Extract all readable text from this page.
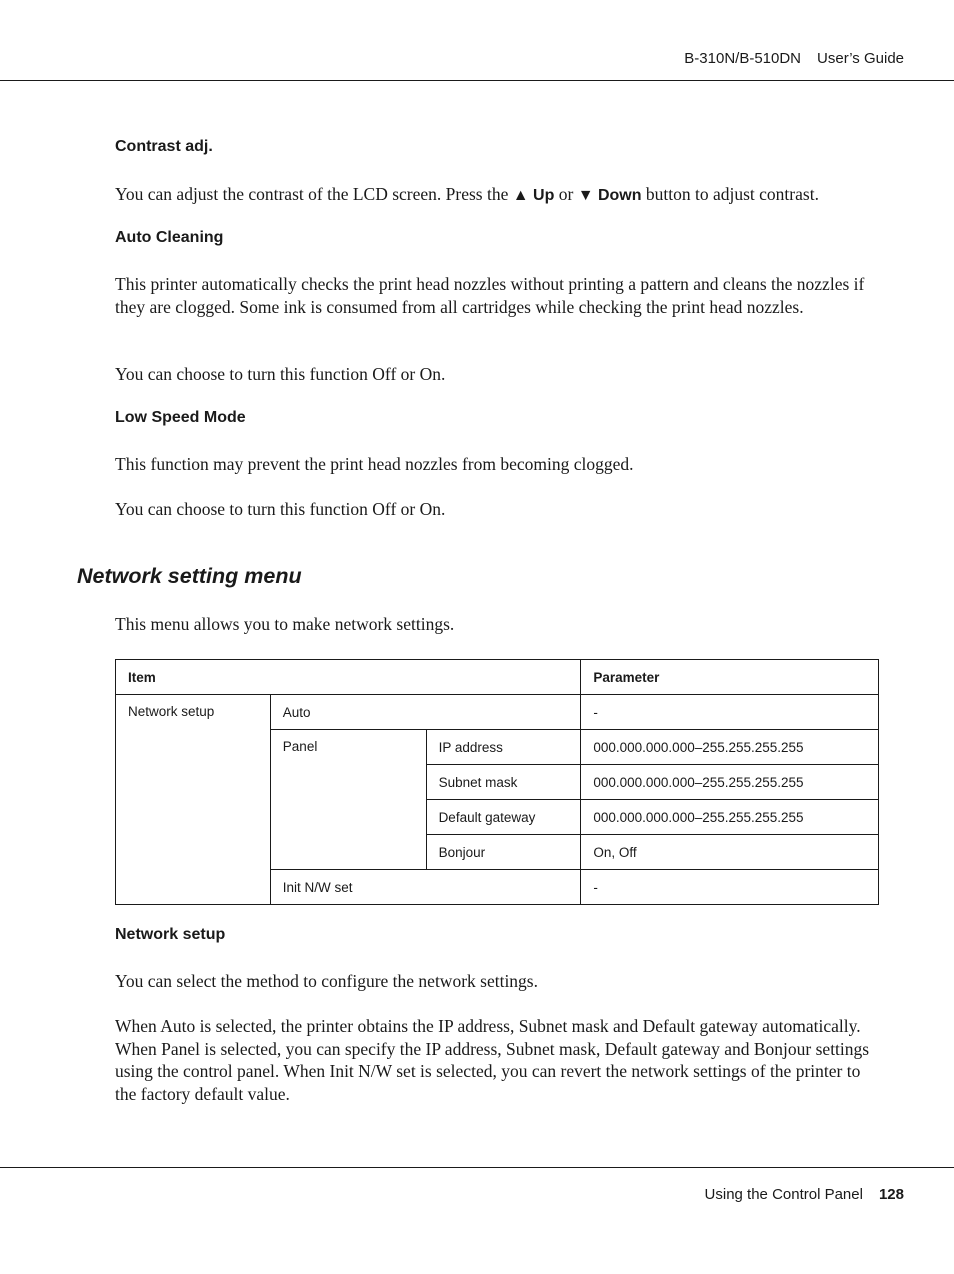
B-310N/B-510DN User’s Guide
Contrast adj.
You can adjust the contrast of the LCD screen. Press the ▲ Up or ▼ Down button to adjust contrast.
Auto Cleaning
This printer automatically checks the print head nozzles without printing a pattern and cleans the nozzles if they are clogged. Some ink is consumed from all cartridges while checking the print head nozzles.
You can choose to turn this function Off or On.
Low Speed Mode
This function may prevent the print head nozzles from becoming clogged.
You can choose to turn this function Off or On.
Network setting menu
This menu allows you to make network settings.
Item			Parameter
Network setup	Auto		-
	Panel	IP address	000.000.000.000–255.255.255.255
		Subnet mask	000.000.000.000–255.255.255.255
		Default gateway	000.000.000.000–255.255.255.255
		Bonjour	On, Off
	Init N/W set		-
Network setup
You can select the method to configure the network settings.
When Auto is selected, the printer obtains the IP address, Subnet mask and Default gateway automatically. When Panel is selected, you can specify the IP address, Subnet mask, Default gateway and Bonjour settings using the control panel. When Init N/W set is selected, you can revert the network settings of the printer to the factory default value.
Using the Control Panel 128
